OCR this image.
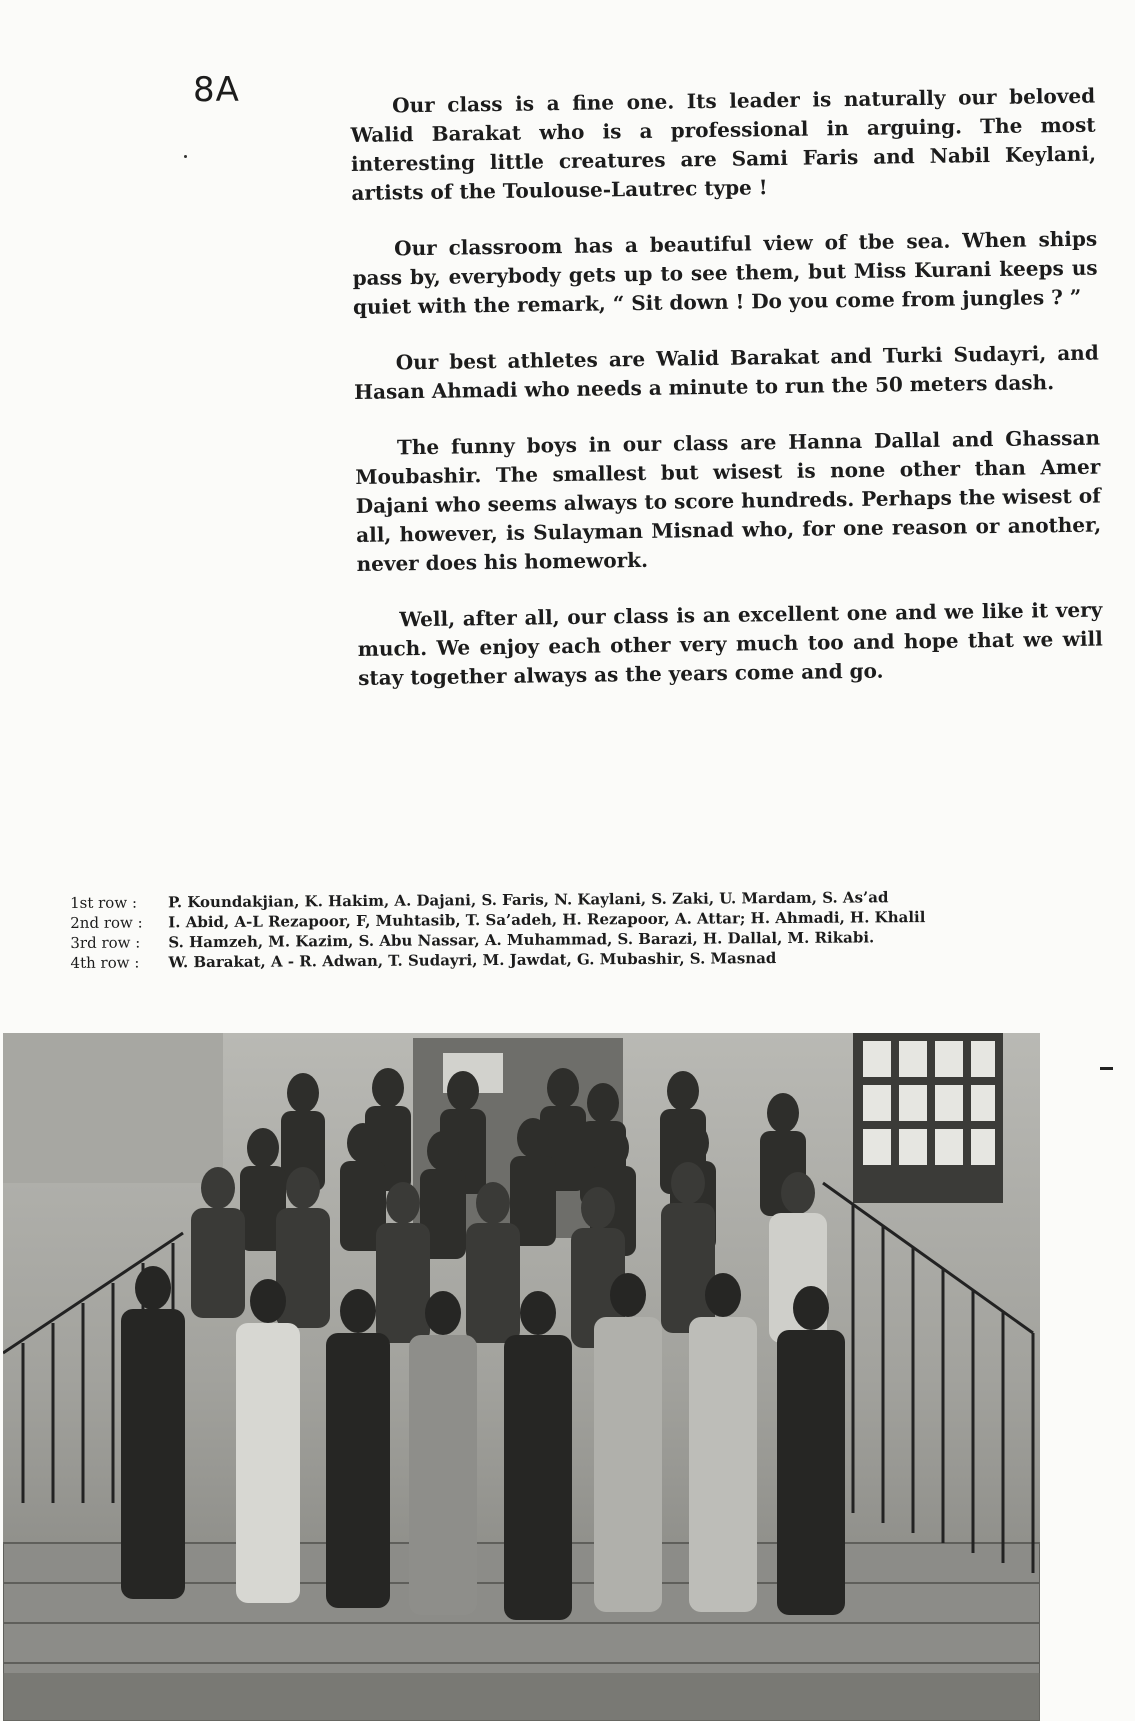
8A	Our class is a fine one. Its leader is naturally our beloved Walid Barakat who is a professional in arguing. The most interesting little creatures are Sami Faris and Nabil Keylani, artists of the Toulouse-Lautrec type !

Our classroom has a beautiful view of tbe sea. When ships pass by, everybody gets up to see them, but Miss Kurani keeps us quiet with the remark, “ Sit down ! Do you come from jungles ? ”

Our best athletes are Walid Barakat and Turki Sudayri, and Hasan Ahmadi who needs a minute to run the 50 meters dash.

The funny boys in our class are Hanna Dallal and Ghassan Moubashir. The smallest but wisest is none other than Amer Dajani who seems always to score hundreds. Perhaps the wisest of all, however, is Sulayman Misnad who, for one reason or another, never does his homework.

Well, after all, our class is an excellent one and we like it very much. We enjoy each other very much too and hope that we will stay together always as the years come and go.

1st row :	P. Koundakjian, K. Hakim, A. Dajani, S. Faris, N. Kaylani, S. Zaki, U. Mardam, S. As’ad
2nd row :	I. Abid, A-L Rezapoor, F, Muhtasib, T. Sa’adeh, H. Rezapoor, A. Attar; H. Ahmadi, H. Khalil
3rd row :	S. Hamzeh, M. Kazim, S. Abu Nassar, A. Muhammad, S. Barazi, H. Dallal, M. Rikabi.
4th row :	W. Barakat, A - R. Adwan, T. Sudayri, M. Jawdat, G. Mubashir, S. Masnad
